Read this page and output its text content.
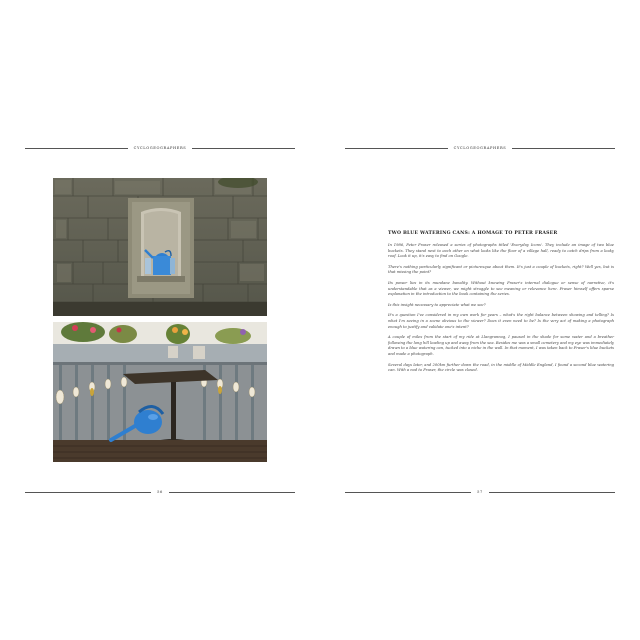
CYCLOGEOGRAPHERS
56
CYCLOGEOGRAPHERS
TWO BLUE WATERING CANS: A HOMAGE TO PETER FRASER

In 1986, Peter Fraser released a series of photographs titled 'Everyday Icons'. They include an image of two blue buckets. They stand next to each other on what looks like the floor of a village hall, ready to catch drips from a leaky roof. Look it up, it's easy to find on Google.

There's nothing particularly significant or picturesque about them. It's just a couple of buckets, right? Well yes, but is that missing the point?

Its power lies in its mundane banality. Without knowing Fraser's internal dialogue or sense of narrative, it's understandable that as a viewer, we might struggle to see meaning or relevance here. Fraser himself offers sparse explanation in the introduction to the book containing the series.

Is this insight necessary to appreciate what we see?

It's a question I've considered in my own work for years – what's the right balance between showing and telling? Is what I'm seeing in a scene obvious to the viewer? Does it even need to be? Is the very act of making a photograph enough to justify and validate one's intent?

A couple of miles from the start of my ride at Llangrannog, I paused in the shade for some water and a breather following the long hill leading up and away from the sea. Besides me was a small cemetery and my eye was immediately drawn to a blue watering can, tucked into a niche in the wall. In that moment, I was taken back to Fraser's blue buckets and made a photograph.

Several days later, and 200km further down the road, in the middle of Middle England, I found a second blue watering can. With a nod to Fraser, the circle was closed.

57
